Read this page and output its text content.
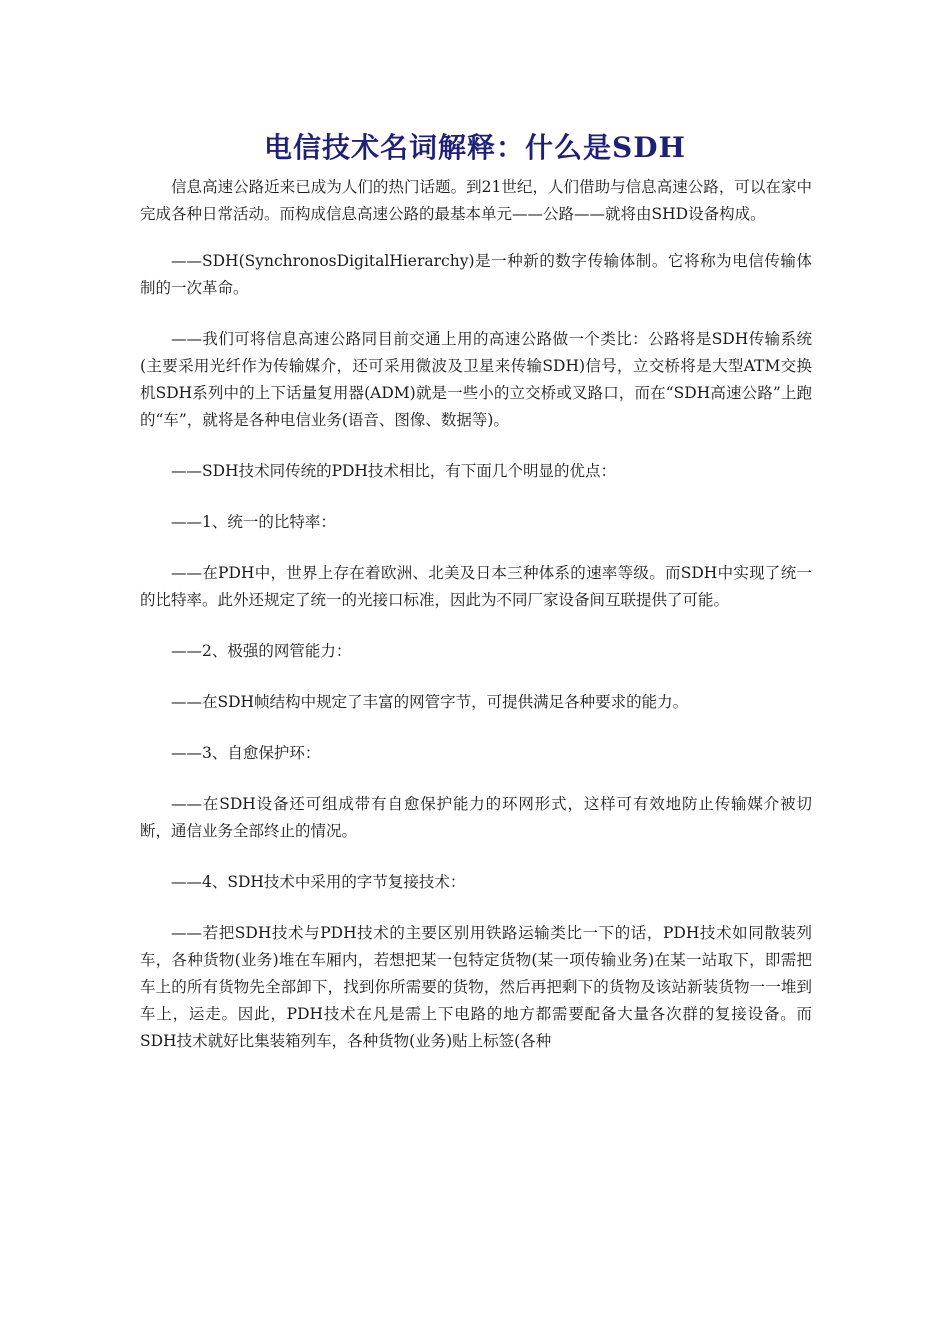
电信技术名词解释：什么是SDH

信息高速公路近来已成为人们的热门话题。到21世纪，人们借助与信息高速公路，可以在家中完成各种日常活动。而构成信息高速公路的最基本单元——公路——就将由SHD设备构成。

——SDH(SynchronosDigitalHierarchy)是一种新的数字传输体制。它将称为电信传输体制的一次革命。

——我们可将信息高速公路同目前交通上用的高速公路做一个类比：公路将是SDH传输系统(主要采用光纤作为传输媒介，还可采用微波及卫星来传输SDH)信号，立交桥将是大型ATM交换机SDH系列中的上下话量复用器(ADM)就是一些小的立交桥或叉路口，而在“SDH高速公路”上跑的“车”，就将是各种电信业务(语音、图像、数据等)。

——SDH技术同传统的PDH技术相比，有下面几个明显的优点：

——1、统一的比特率：

——在PDH中，世界上存在着欧洲、北美及日本三种体系的速率等级。而SDH中实现了统一的比特率。此外还规定了统一的光接口标准，因此为不同厂家设备间互联提供了可能。

——2、极强的网管能力：

——在SDH帧结构中规定了丰富的网管字节，可提供满足各种要求的能力。

——3、自愈保护环：

——在SDH设备还可组成带有自愈保护能力的环网形式，这样可有效地防止传输媒介被切断，通信业务全部终止的情况。

——4、SDH技术中采用的字节复接技术：

——若把SDH技术与PDH技术的主要区别用铁路运输类比一下的话，PDH技术如同散装列车，各种货物(业务)堆在车厢内，若想把某一包特定货物(某一项传输业务)在某一站取下，即需把车上的所有货物先全部卸下，找到你所需要的货物，然后再把剩下的货物及该站新装货物一一堆到车上，运走。因此，PDH技术在凡是需上下电路的地方都需要配备大量各次群的复接设备。而SDH技术就好比集装箱列车，各种货物(业务)贴上标签(各种
